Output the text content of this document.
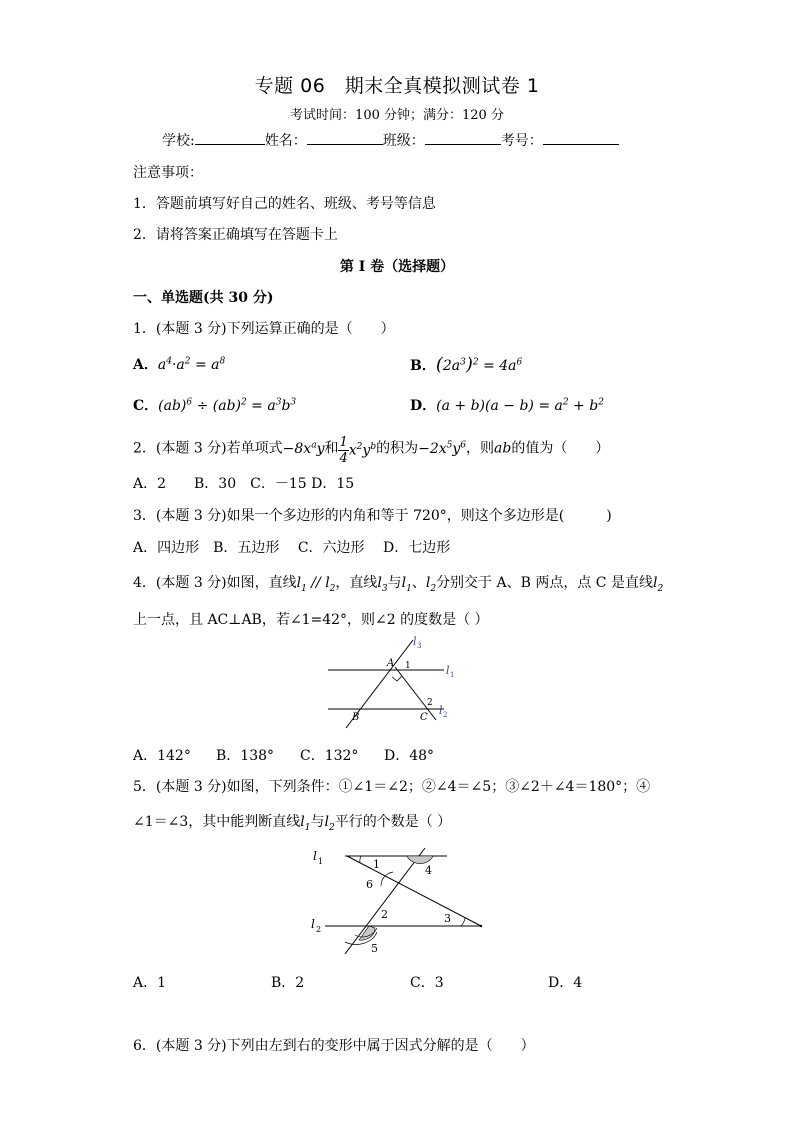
专题 06　期末全真模拟测试卷 1
考试时间：100 分钟；满分：120 分
学校:	姓名：	班级：	考号：
注意事项：
1．答题前填写好自己的姓名、班级、考号等信息
2．请将答案正确填写在答题卡上
第 I 卷（选择题）
一、单选题(共 30 分)
1．(本题 3 分)下列运算正确的是（　　）
A．$a^4\cdot a^2 = a^8$	B．$(2a^3)^2 = 4a^6$
C．$(ab)^6 \div (ab)^2 = a^3b^3$	D．$(a + b)(a - b) = a^2 + b^2$
2．(本题 3 分)若单项式$-8x^ay$和 $\frac{1}{4} x^2y^b$的积为$-2x^5y^6$，则ab的值为（　　）
A．2　　B．30　C．－15 D．15
3．(本题 3 分)如果一个多边形的内角和等于 720°，则这个多边形是(　　　)
A．四边形　B．五边形　 C．六边形　 D．七边形
4．(本题 3 分)如图，直线$l_1 // l_2$，直线$l_3$与$l_1$、$l_2$分别交于 A、B 两点，点 C 是直线$l_2$
上一点，且 AC⊥AB，若∠1=42°，则∠2 的度数是（ ）
l 3
l 1
l 2
A
B	C
1
2
A．142° B．138° C．132° D．48°
5．(本题 3 分)如图，下列条件：①∠1＝∠2；②∠4＝∠5；③∠2＋∠4＝180°；④
∠1＝∠3，其中能判断直线$l_1$与$l_2$平行的个数是（ ）
l 1
l 2
1	4
6
2	3
5
A．1	B．2	C．3	D．4
6．(本题 3 分)下列由左到右的变形中属于因式分解的是（　　）
